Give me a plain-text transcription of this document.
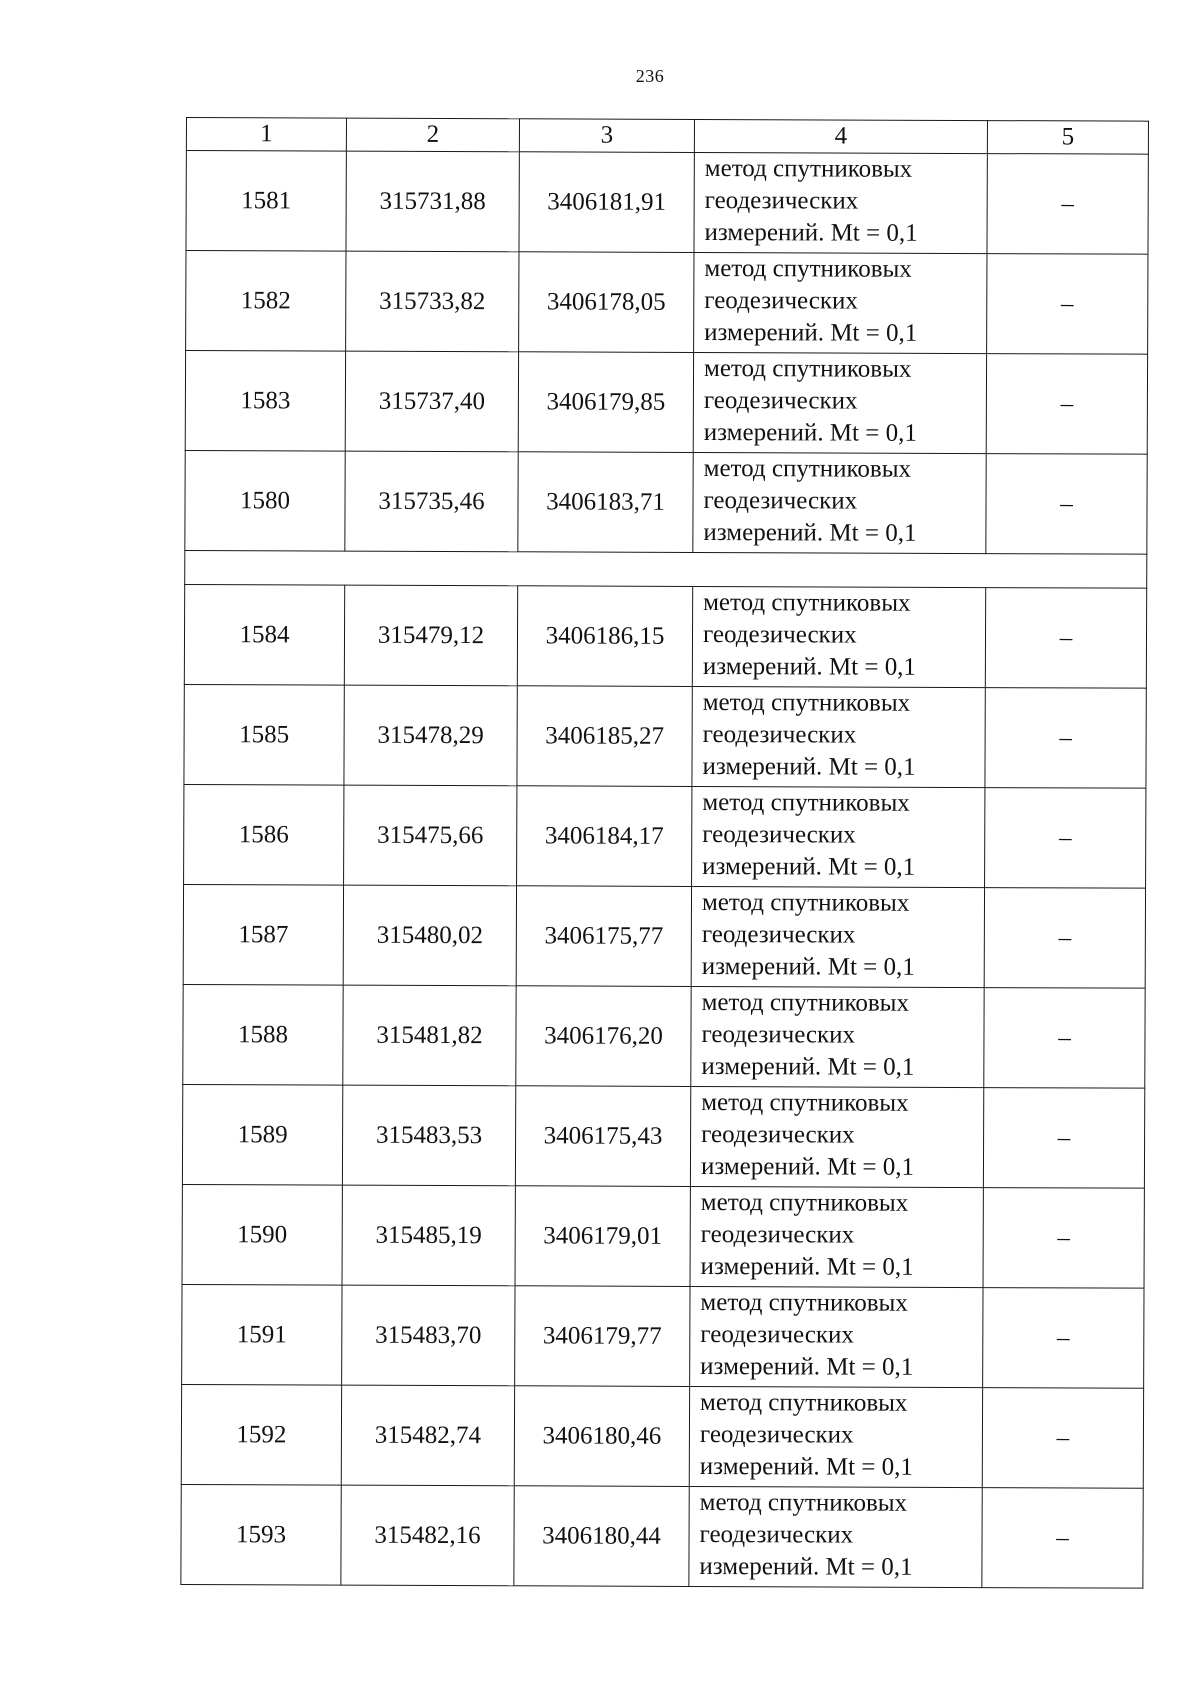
236
1	2	3	4	5
1581	315731,88	3406181,91	метод спутниковых
геодезических
измерений. Mt = 0,1	–
1582	315733,82	3406178,05	метод спутниковых
геодезических
измерений. Mt = 0,1	–
1583	315737,40	3406179,85	метод спутниковых
геодезических
измерений. Mt = 0,1	–
1580	315735,46	3406183,71	метод спутниковых
геодезических
измерений. Mt = 0,1	–

1584	315479,12	3406186,15	метод спутниковых
геодезических
измерений. Mt = 0,1	–
1585	315478,29	3406185,27	метод спутниковых
геодезических
измерений. Mt = 0,1	–
1586	315475,66	3406184,17	метод спутниковых
геодезических
измерений. Mt = 0,1	–
1587	315480,02	3406175,77	метод спутниковых
геодезических
измерений. Mt = 0,1	–
1588	315481,82	3406176,20	метод спутниковых
геодезических
измерений. Mt = 0,1	–
1589	315483,53	3406175,43	метод спутниковых
геодезических
измерений. Mt = 0,1	–
1590	315485,19	3406179,01	метод спутниковых
геодезических
измерений. Mt = 0,1	–
1591	315483,70	3406179,77	метод спутниковых
геодезических
измерений. Mt = 0,1	–
1592	315482,74	3406180,46	метод спутниковых
геодезических
измерений. Mt = 0,1	–
1593	315482,16	3406180,44	метод спутниковых
геодезических
измерений. Mt = 0,1	–
